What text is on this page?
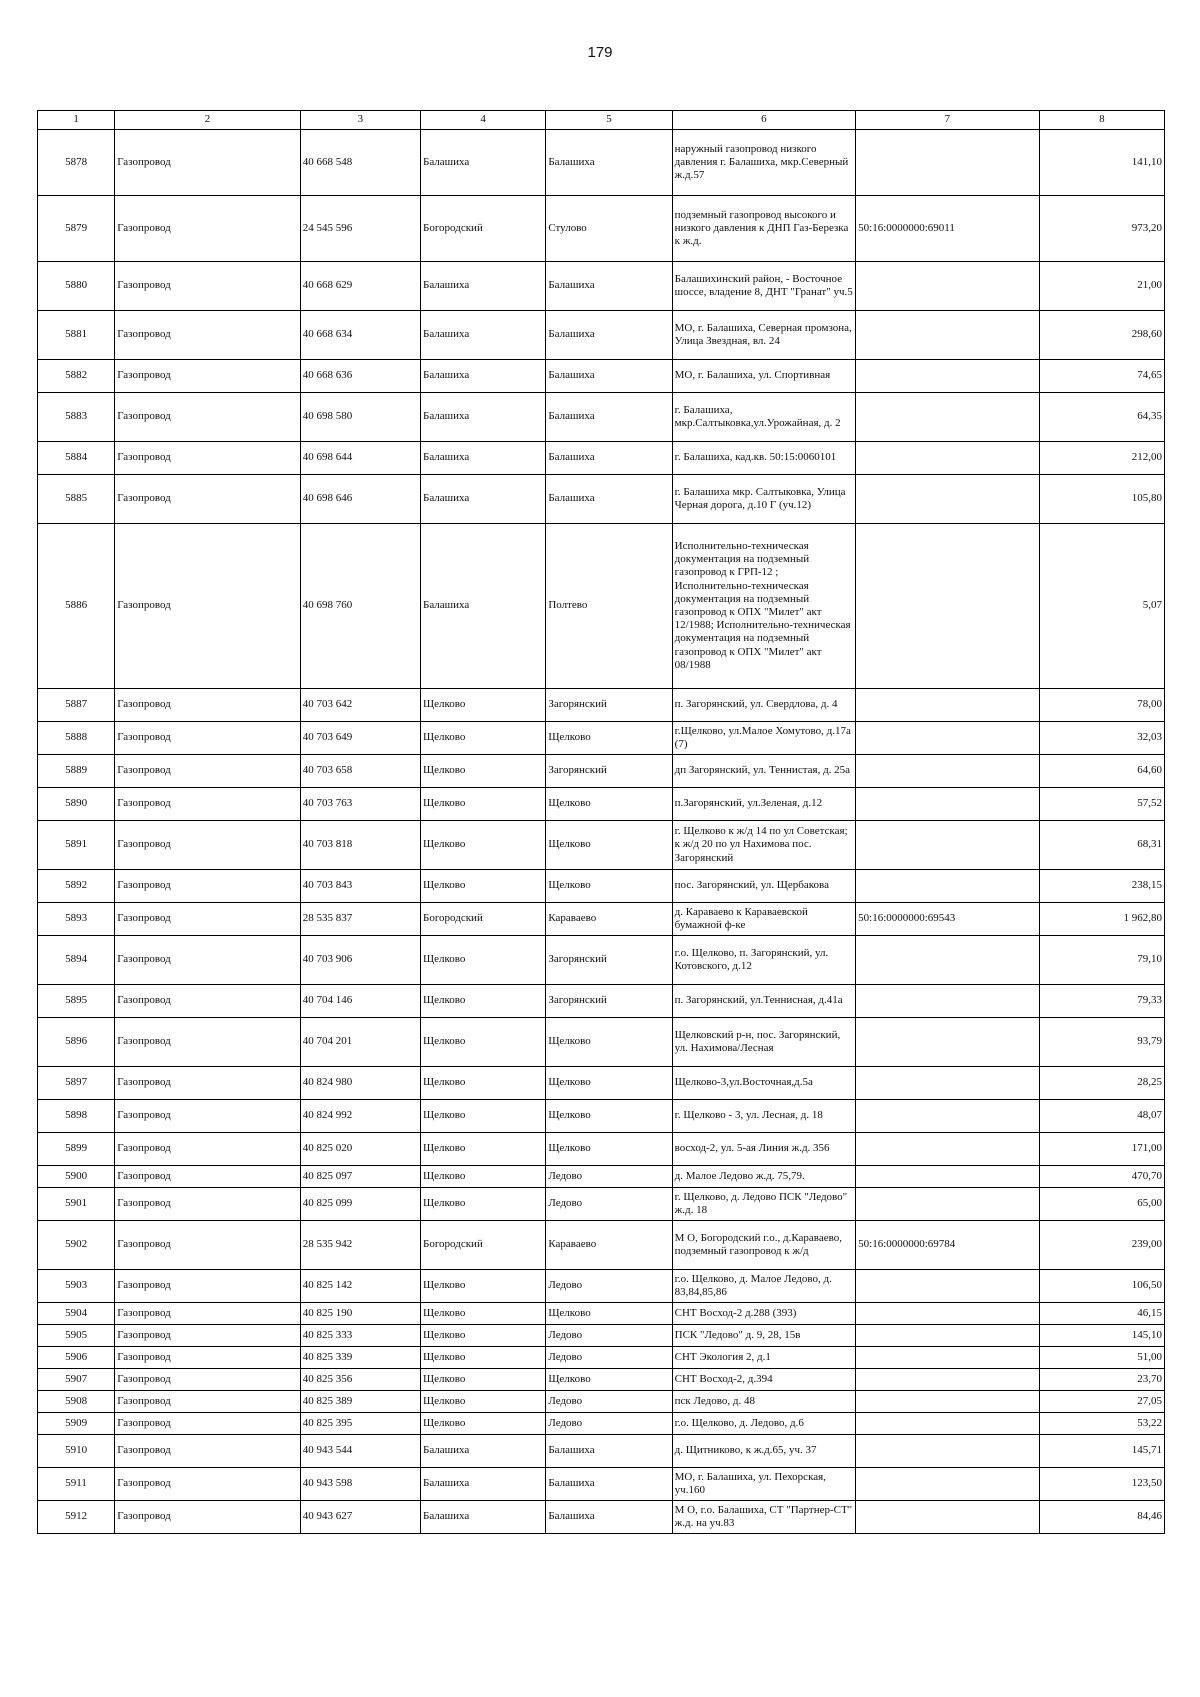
179
1	2	3	4	5	6	7	8
5878	Газопровод	40 668 548	Балашиха	Балашиха	наружный газопровод низкого давления г. Балашиха, мкр.Северный ж.д.57		141,10
5879	Газопровод	24 545 596	Богородский	Стулово	подземный газопровод высокого и низкого давления к ДНП Газ-Березка к ж.д.	50:16:0000000:69011	973,20
5880	Газопровод	40 668 629	Балашиха	Балашиха	Балашихинский район, - Восточное шоссе, владение 8, ДНТ "Гранат" уч.5		21,00
5881	Газопровод	40 668 634	Балашиха	Балашиха	МО, г. Балашиха, Северная промзона, Улица Звездная, вл. 24		298,60
5882	Газопровод	40 668 636	Балашиха	Балашиха	МО, г. Балашиха, ул. Спортивная		74,65
5883	Газопровод	40 698 580	Балашиха	Балашиха	г. Балашиха, мкр.Салтыковка,ул.Урожайная, д. 2		64,35
5884	Газопровод	40 698 644	Балашиха	Балашиха	г. Балашиха, кад.кв. 50:15:0060101		212,00
5885	Газопровод	40 698 646	Балашиха	Балашиха	г. Балашиха мкр. Салтыковка, Улица Черная дорога, д.10 Г (уч.12)		105,80
5886	Газопровод	40 698 760	Балашиха	Полтево	Исполнительно-техническая документация на подземный газопровод к ГРП-12 ; Исполнительно-техническая документация на подземный газопровод к ОПХ "Милет" акт 12/1988; Исполнительно-техническая документация на подземный газопровод к ОПХ "Милет" акт 08/1988		5,07
5887	Газопровод	40 703 642	Щелково	Загорянский	п. Загорянский, ул. Свердлова, д. 4		78,00
5888	Газопровод	40 703 649	Щелково	Щелково	г.Щелково, ул.Малое Хомутово, д.17а (7)		32,03
5889	Газопровод	40 703 658	Щелково	Загорянский	дп Загорянский, ул. Теннистая, д. 25а		64,60
5890	Газопровод	40 703 763	Щелково	Щелково	п.Загорянский, ул.Зеленая, д.12		57,52
5891	Газопровод	40 703 818	Щелково	Щелково	г. Щелково к ж/д 14 по ул Советская; к ж/д 20 по ул Нахимова пос. Загорянский		68,31
5892	Газопровод	40 703 843	Щелково	Щелково	пос. Загорянский, ул. Щербакова		238,15
5893	Газопровод	28 535 837	Богородский	Караваево	д. Караваево к Караваевской бумажной ф-ке	50:16:0000000:69543	1 962,80
5894	Газопровод	40 703 906	Щелково	Загорянский	г.о. Щелково, п. Загорянский, ул. Котовского, д.12		79,10
5895	Газопровод	40 704 146	Щелково	Загорянский	п. Загорянский, ул.Теннисная, д.41а		79,33
5896	Газопровод	40 704 201	Щелково	Щелково	Щелковский р-н, пос. Загорянский, ул. Нахимова/Лесная		93,79
5897	Газопровод	40 824 980	Щелково	Щелково	Щелково-3,ул.Восточная,д.5а		28,25
5898	Газопровод	40 824 992	Щелково	Щелково	г. Щелково - 3, ул. Лесная, д. 18		48,07
5899	Газопровод	40 825 020	Щелково	Щелково	восход-2, ул. 5-ая Линия ж.д. 356		171,00
5900	Газопровод	40 825 097	Щелково	Ледово	д. Малое Ледово ж.д. 75,79.		470,70
5901	Газопровод	40 825 099	Щелково	Ледово	г. Щелково, д. Ледово ПСК "Ледово" ж.д. 18		65,00
5902	Газопровод	28 535 942	Богородский	Караваево	М О, Богородский г.о., д.Караваево, подземный газопровод к ж/д	50:16:0000000:69784	239,00
5903	Газопровод	40 825 142	Щелково	Ледово	г.о. Щелково, д. Малое Ледово, д. 83,84,85,86		106,50
5904	Газопровод	40 825 190	Щелково	Щелково	СНТ Восход-2 д.288 (393)		46,15
5905	Газопровод	40 825 333	Щелково	Ледово	ПСК "Ледово" д. 9, 28, 15в		145,10
5906	Газопровод	40 825 339	Щелково	Ледово	СНТ Экология 2, д.1		51,00
5907	Газопровод	40 825 356	Щелково	Щелково	СНТ Восход-2, д.394		23,70
5908	Газопровод	40 825 389	Щелково	Ледово	пск Ледово, д. 48		27,05
5909	Газопровод	40 825 395	Щелково	Ледово	г.о. Щелково, д. Ледово, д.6		53,22
5910	Газопровод	40 943 544	Балашиха	Балашиха	д. Щитниково, к ж.д.65, уч. 37		145,71
5911	Газопровод	40 943 598	Балашиха	Балашиха	МО, г. Балашиха, ул. Пехорская, уч.160		123,50
5912	Газопровод	40 943 627	Балашиха	Балашиха	М О, г.о. Балашиха, СТ "Партнер-СТ" ж.д. на уч.83		84,46
